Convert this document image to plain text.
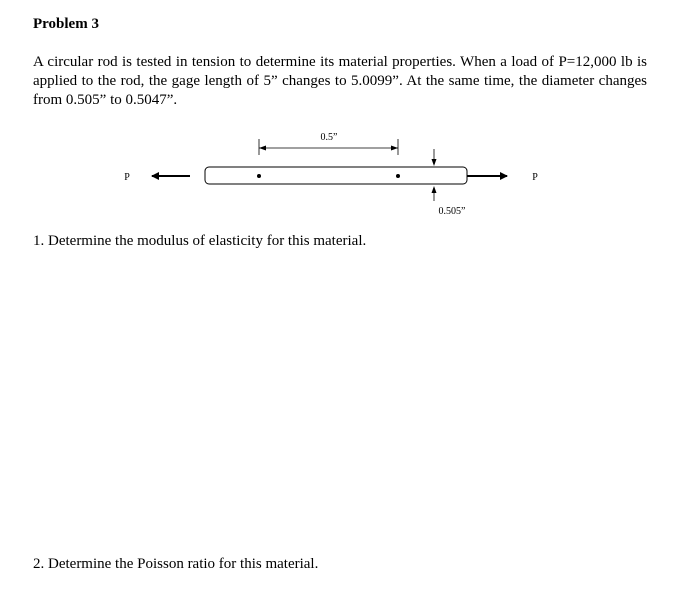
Problem 3
A circular rod is tested in tension to determine its material properties. When a load of P=12,000 lb is applied to the rod, the gage length of 5” changes to 5.0099”. At the same time, the diameter changes from 0.505” to 0.5047”.
P
0.5”
0.505”
P
1. Determine the modulus of elasticity for this material.
2. Determine the Poisson ratio for this material.
